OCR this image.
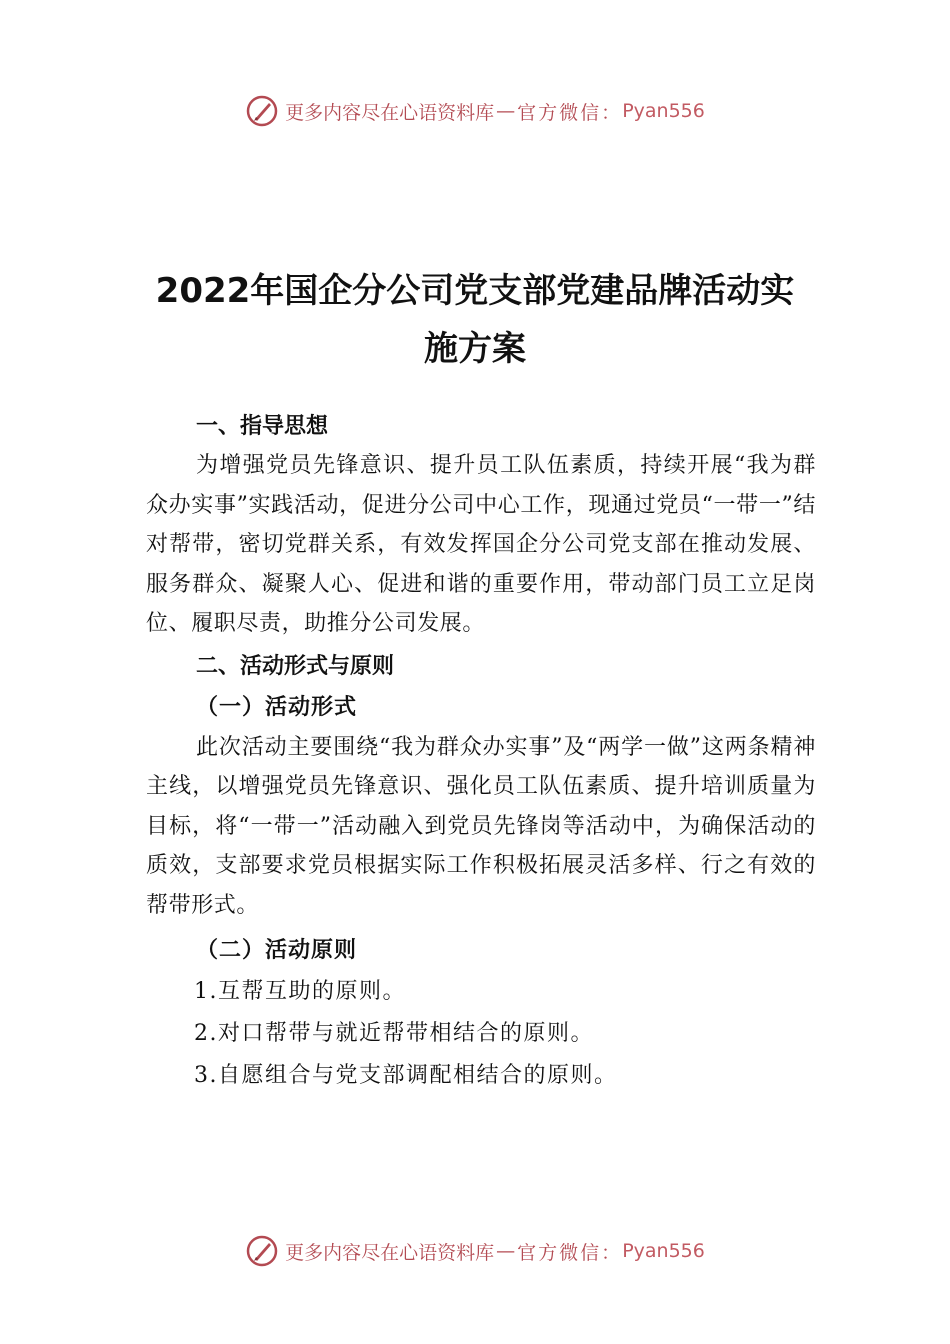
更多内容尽在心语资料库 — 官方微信： Pyan556
2022年国企分公司党支部党建品牌活动实
施方案
一、指导思想

为增强党员先锋意识、提升员工队伍素质，持续开展“我为群众办实事”实践活动，促进分公司中心工作，现通过党员“一带一”结对帮带，密切党群关系，有效发挥国企分公司党支部在推动发展、服务群众、凝聚人心、促进和谐的重要作用，带动部门员工立足岗位、履职尽责，助推分公司发展。

二、活动形式与原则
（一）活动形式

此次活动主要围绕“我为群众办实事”及“两学一做”这两条精神主线，以增强党员先锋意识、强化员工队伍素质、提升培训质量为目标，将“一带一”活动融入到党员先锋岗等活动中，为确保活动的质效，支部要求党员根据实际工作积极拓展灵活多样、行之有效的帮带形式。

（二）活动原则
1.互帮互助的原则。
2.对口帮带与就近帮带相结合的原则。
3.自愿组合与党支部调配相结合的原则。
更多内容尽在心语资料库 — 官方微信： Pyan556
